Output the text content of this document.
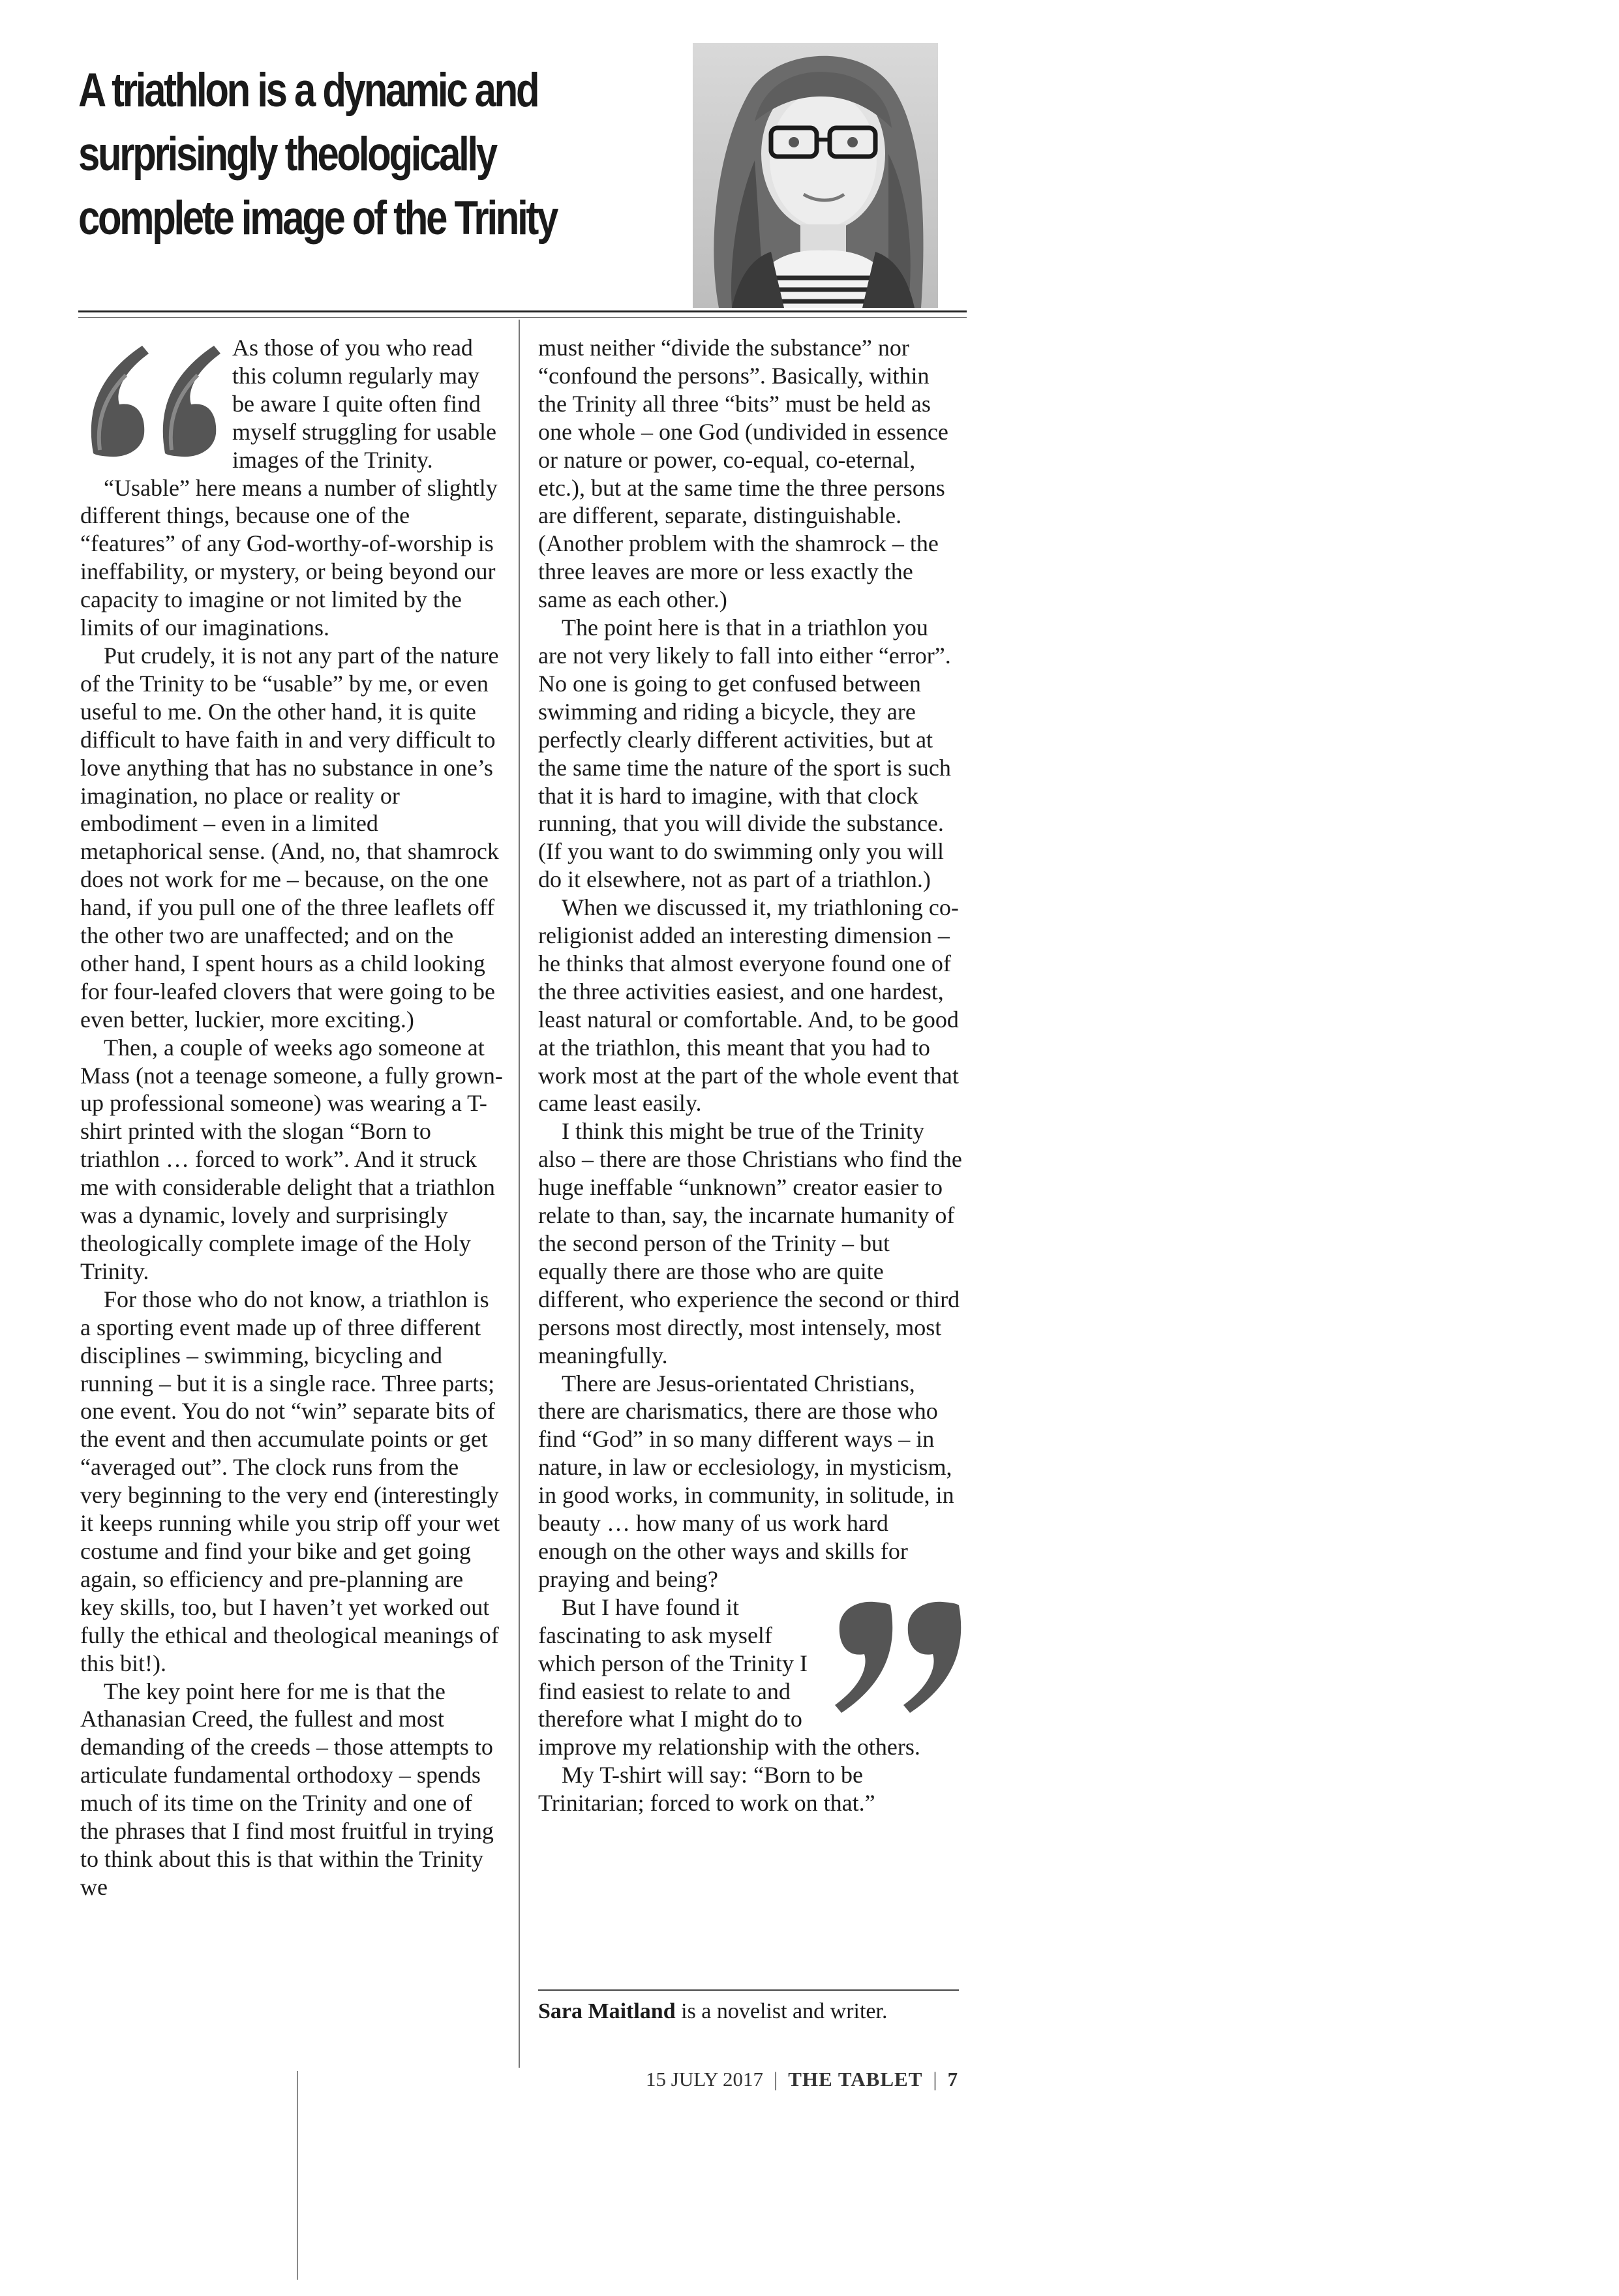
A triathlon is a dynamic and surprisingly theologically complete image of the Trinity

As those of you who read this column regularly may be aware I quite often find myself struggling for usable images of the Trinity.

“Usable” here means a number of slightly different things, because one of the “features” of any God-worthy-of-worship is ineffability, or mystery, or being beyond our capacity to imagine or not limited by the limits of our imaginations.

Put crudely, it is not any part of the nature of the Trinity to be “usable” by me, or even useful to me. On the other hand, it is quite difficult to have faith in and very difficult to love anything that has no substance in one’s imagination, no place or reality or embodiment – even in a limited metaphorical sense. (And, no, that shamrock does not work for me – because, on the one hand, if you pull one of the three leaflets off the other two are unaffected; and on the other hand, I spent hours as a child looking for four-leafed clovers that were going to be even better, luckier, more exciting.)

Then, a couple of weeks ago someone at Mass (not a teenage someone, a fully grown-up professional someone) was wearing a T-shirt printed with the slogan “Born to triathlon … forced to work”. And it struck me with considerable delight that a triathlon was a dynamic, lovely and surprisingly theologically complete image of the Holy Trinity.

For those who do not know, a triathlon is a sporting event made up of three different disciplines – swimming, bicycling and running – but it is a single race. Three parts; one event. You do not “win” separate bits of the event and then accumulate points or get “averaged out”. The clock runs from the very beginning to the very end (interestingly it keeps running while you strip off your wet costume and find your bike and get going again, so efficiency and pre-planning are key skills, too, but I haven’t yet worked out fully the ethical and theological meanings of this bit!).

The key point here for me is that the Athanasian Creed, the fullest and most demanding of the creeds – those attempts to articulate fundamental orthodoxy – spends much of its time on the Trinity and one of the phrases that I find most fruitful in trying to think about this is that within the Trinity we

must neither “divide the substance” nor “confound the persons”. Basically, within the Trinity all three “bits” must be held as one whole – one God (undivided in essence or nature or power, co-equal, co-eternal, etc.), but at the same time the three persons are different, separate, distinguishable. (Another problem with the shamrock – the three leaves are more or less exactly the same as each other.)

The point here is that in a triathlon you are not very likely to fall into either “error”. No one is going to get confused between swimming and riding a bicycle, they are perfectly clearly different activities, but at the same time the nature of the sport is such that it is hard to imagine, with that clock running, that you will divide the substance. (If you want to do swimming only you will do it elsewhere, not as part of a triathlon.)

When we discussed it, my triathloning co-religionist added an interesting dimension – he thinks that almost everyone found one of the three activities easiest, and one hardest, least natural or comfortable. And, to be good at the triathlon, this meant that you had to work most at the part of the whole event that came least easily.

I think this might be true of the Trinity also – there are those Christians who find the huge ineffable “unknown” creator easier to relate to than, say, the incarnate humanity of the second person of the Trinity – but equally there are those who are quite different, who experience the second or third persons most directly, most intensely, most meaningfully.

There are Jesus-orientated Christians, there are charismatics, there are those who find “God” in so many different ways – in nature, in law or ecclesiology, in mysticism, in good works, in community, in solitude, in beauty … how many of us work hard enough on the other ways and skills for praying and being?

But I have found it fascinating to ask myself which person of the Trinity I find easiest to relate to and therefore what I might do to improve my relationship with the others.

My T-shirt will say: “Born to be Trinitarian; forced to work on that.”

Sara Maitland is a novelist and writer.
15 JULY 2017 | THE TABLET | 7
